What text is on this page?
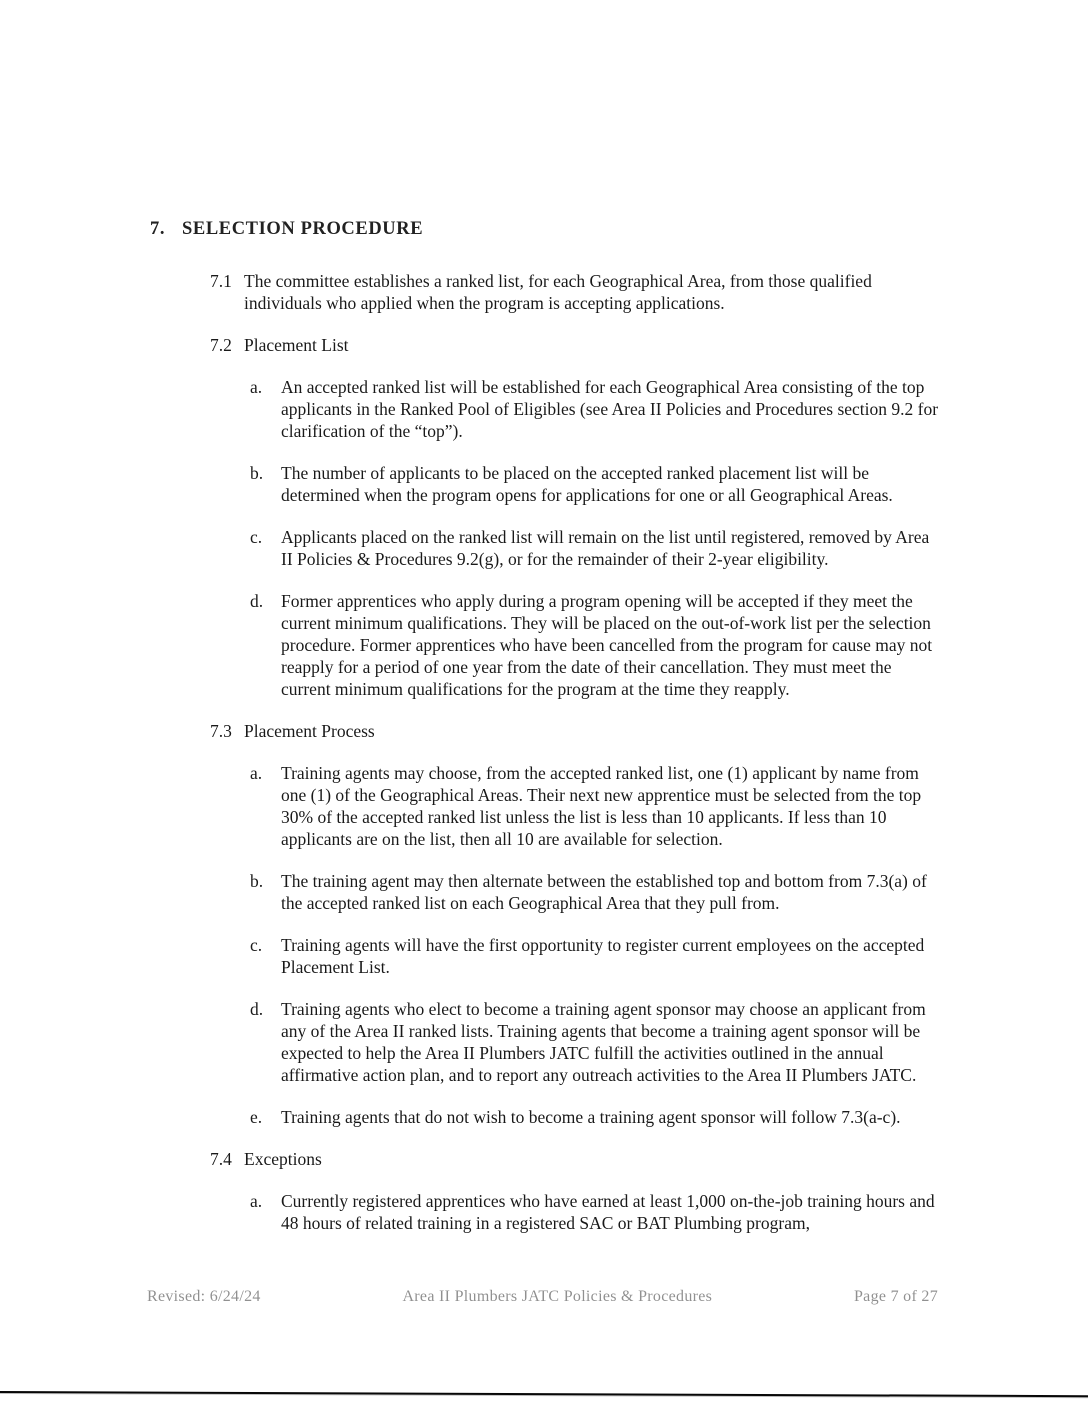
7. SELECTION PROCEDURE
7.1 The committee establishes a ranked list, for each Geographical Area, from those qualified individuals who applied when the program is accepting applications.
7.2 Placement List
a.	An accepted ranked list will be established for each Geographical Area consisting of the top applicants in the Ranked Pool of Eligibles (see Area II Policies and Procedures section 9.2 for clarification of the “top”).
b.	The number of applicants to be placed on the accepted ranked placement list will be determined when the program opens for applications for one or all Geographical Areas.
c.	Applicants placed on the ranked list will remain on the list until registered, removed by Area II Policies & Procedures 9.2(g), or for the remainder of their 2-year eligibility.
d.	Former apprentices who apply during a program opening will be accepted if they meet the current minimum qualifications. They will be placed on the out-of-work list per the selection procedure. Former apprentices who have been cancelled from the program for cause may not reapply for a period of one year from the date of their cancellation. They must meet the current minimum qualifications for the program at the time they reapply.
7.3 Placement Process
a.	Training agents may choose, from the accepted ranked list, one (1) applicant by name from one (1) of the Geographical Areas. Their next new apprentice must be selected from the top 30% of the accepted ranked list unless the list is less than 10 applicants. If less than 10 applicants are on the list, then all 10 are available for selection.
b.	The training agent may then alternate between the established top and bottom from 7.3(a) of the accepted ranked list on each Geographical Area that they pull from.
c.	Training agents will have the first opportunity to register current employees on the accepted Placement List.
d.	Training agents who elect to become a training agent sponsor may choose an applicant from any of the Area II ranked lists. Training agents that become a training agent sponsor will be expected to help the Area II Plumbers JATC fulfill the activities outlined in the annual affirmative action plan, and to report any outreach activities to the Area II Plumbers JATC.
e.	Training agents that do not wish to become a training agent sponsor will follow 7.3(a-c).
7.4 Exceptions
a.	Currently registered apprentices who have earned at least 1,000 on-the-job training hours and 48 hours of related training in a registered SAC or BAT Plumbing program,
Revised: 6/24/24	Area II Plumbers JATC Policies & Procedures	Page 7 of 27
